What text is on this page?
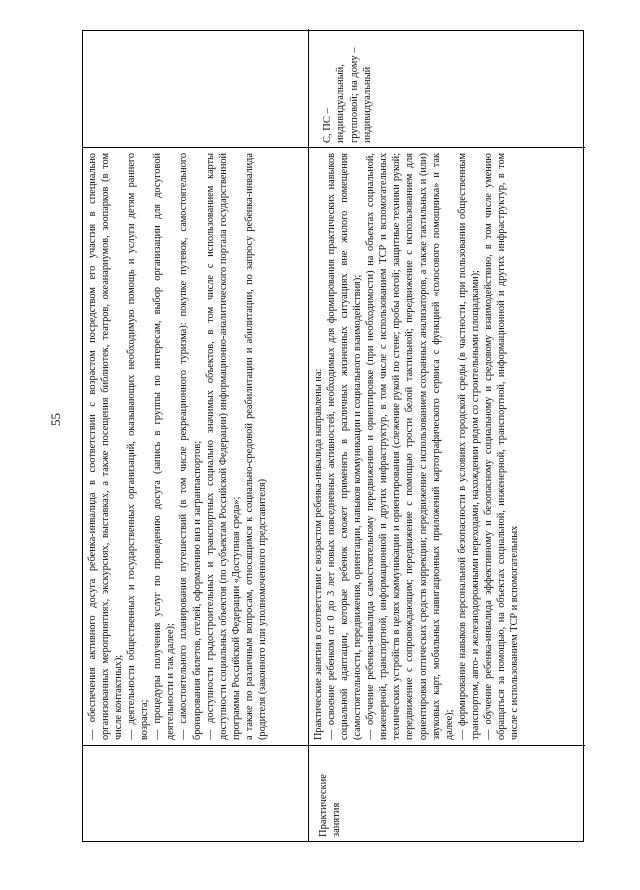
55 — обеспечения активного досуга ребенка-инвалида в соответствии с возрастом посредством его участия в специально организованных мероприятиях, экскурсиях, выставках, а также посещения библиотек, театров, океанариумов, зоопарков (в том числе контактных); — деятельности общественных и государственных организаций, оказывающих необходимую помощь и услуги детям раннего возраста; — процедуры получения услуг по проведению досуга (запись в группы по интересам, выбор организации для досуговой деятельности и так далее); — самостоятельного планирования путешествий (в том числе рекреационного туризма): покупке путевок, самостоятельного бронирования билетов, отелей, оформлению виз и загранпаспортов; — доступности градостроительных и транспортных социально значимых объектов, в том числе с использованием карты доступности социальных объектов (по субъектам Российской Федерации) информационно-аналитического портала государственной программы Российской Федерации «Доступная среда»; а также по различным вопросам, относящимся к социально-средовой реабилитации и абилитации, по запросу ребенка-инвалида (родителя (законного или уполномоченного представителя)

Практические занятия

Практические занятия в соответствии с возрастом ребенка-инвалида направлены на: — освоение ребенком от 0 до 3 лет новых повседневных активностей, необходимых для формирования практических навыков социальной адаптации, которые ребенок сможет применять в различных жизненных ситуациях вне жилого помещения (самостоятельности, передвижения, ориентации, навыков коммуникации и социального взаимодействия); — обучение ребенка-инвалида самостоятельному передвижению и ориентировке (при необходимости) на объектах социальной, инженерной, транспортной, информационной и других инфраструктур, в том числе с использованием ТСР и вспомогательных технических устройств в целях коммуникации и ориентирования (слежение рукой по стене; пробы ногой; защитные техники рукой; передвижение с сопровождающим; передвижение с помощью трости белой тактильной; передвижение с использованием для ориентировки оптических средств коррекции; передвижение с использованием сохранных анализаторов, а также тактильных и (или) звуковых карт, мобильных навигационных приложений картографического сервиса с функцией «голосового помощника» и так далее); — формирование навыков персональной безопасности в условиях городской среды (в частности, при пользовании общественным транспортом, авто- и железнодорожными переходами, нахождении рядом со строительными площадками); — обучение ребенка-инвалида эффективному и безопасному социальному и средовому взаимодействию, в том числе умению обращаться за помощью, на объектах социальной, инженерной, транспортной, информационной и других инфраструктур, в том числе с использованием ТСР и вспомогательных

С, ПС – индивидуальный, групповой; на дому – индивидуальный
